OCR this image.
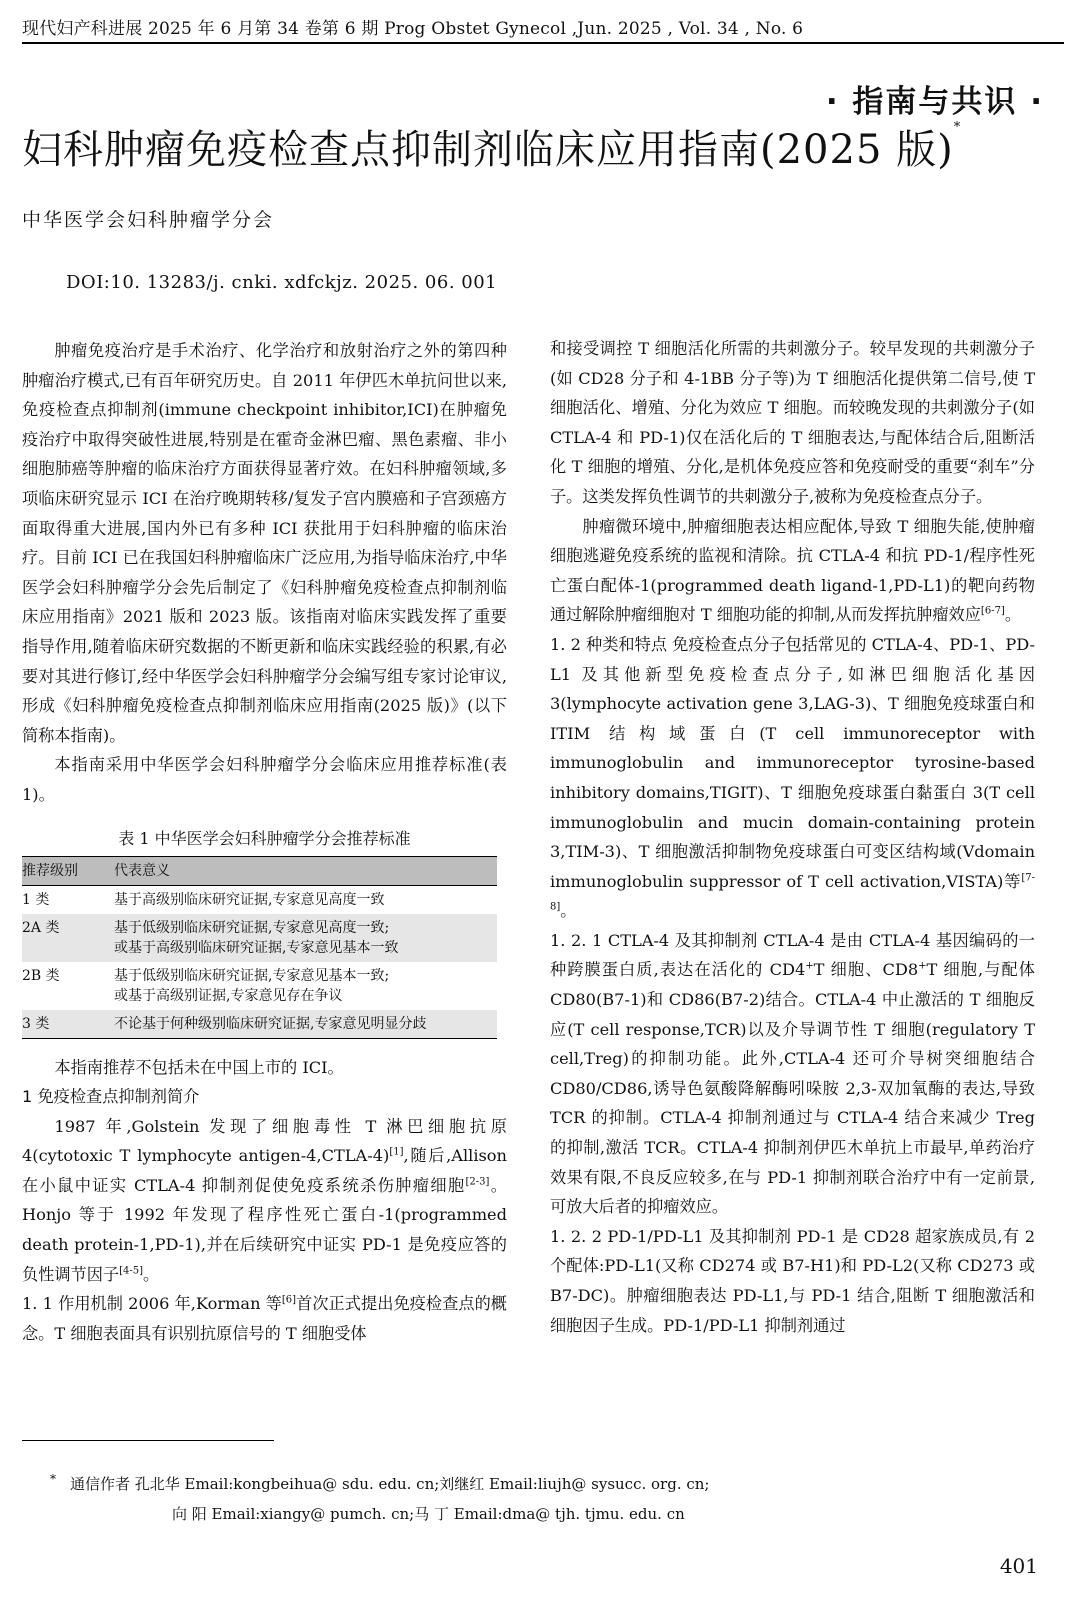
现代妇产科进展 2025 年 6 月第 34 卷第 6 期 Prog Obstet Gynecol ,Jun. 2025 , Vol. 34 , No. 6
· 指南与共识 ·
妇科肿瘤免疫检查点抑制剂临床应用指南(2025 版)*
中华医学会妇科肿瘤学分会
DOI:10. 13283/j. cnki. xdfckjz. 2025. 06. 001

肿瘤免疫治疗是手术治疗、化学治疗和放射治疗之外的第四种肿瘤治疗模式,已有百年研究历史。自 2011 年伊匹木单抗问世以来,免疫检查点抑制剂(immune checkpoint inhibitor,ICI)在肿瘤免疫治疗中取得突破性进展,特别是在霍奇金淋巴瘤、黑色素瘤、非小细胞肺癌等肿瘤的临床治疗方面获得显著疗效。在妇科肿瘤领域,多项临床研究显示 ICI 在治疗晚期转移/复发子宫内膜癌和子宫颈癌方面取得重大进展,国内外已有多种 ICI 获批用于妇科肿瘤的临床治疗。目前 ICI 已在我国妇科肿瘤临床广泛应用,为指导临床治疗,中华医学会妇科肿瘤学分会先后制定了《妇科肿瘤免疫检查点抑制剂临床应用指南》2021 版和 2023 版。该指南对临床实践发挥了重要指导作用,随着临床研究数据的不断更新和临床实践经验的积累,有必要对其进行修订,经中华医学会妇科肿瘤学分会编写组专家讨论审议,形成《妇科肿瘤免疫检查点抑制剂临床应用指南(2025 版)》(以下简称本指南)。

本指南采用中华医学会妇科肿瘤学分会临床应用推荐标准(表 1)。

表 1 中华医学会妇科肿瘤学分会推荐标准
推荐级别	代表意义
1 类	基于高级别临床研究证据,专家意见高度一致
2A 类	基于低级别临床研究证据,专家意见高度一致;
或基于高级别临床研究证据,专家意见基本一致
2B 类	基于低级别临床研究证据,专家意见基本一致;
或基于高级别证据,专家意见存在争议
3 类	不论基于何种级别临床研究证据,专家意见明显分歧

本指南推荐不包括未在中国上市的 ICI。

1 免疫检查点抑制剂简介

1987 年,Golstein 发现了细胞毒性 T 淋巴细胞抗原 4(cytotoxic T lymphocyte antigen-4,CTLA-4)[1],随后,Allison 在小鼠中证实 CTLA-4 抑制剂促使免疫系统杀伤肿瘤细胞[2-3]。Honjo 等于 1992 年发现了程序性死亡蛋白-1(programmed death protein-1,PD-1),并在后续研究中证实 PD-1 是免疫应答的负性调节因子[4-5]。

1. 1 作用机制 2006 年,Korman 等[6]首次正式提出免疫检查点的概念。T 细胞表面具有识别抗原信号的 T 细胞受体

和接受调控 T 细胞活化所需的共刺激分子。较早发现的共刺激分子(如 CD28 分子和 4-1BB 分子等)为 T 细胞活化提供第二信号,使 T 细胞活化、增殖、分化为效应 T 细胞。而较晚发现的共刺激分子(如 CTLA-4 和 PD-1)仅在活化后的 T 细胞表达,与配体结合后,阻断活化 T 细胞的增殖、分化,是机体免疫应答和免疫耐受的重要“刹车”分子。这类发挥负性调节的共刺激分子,被称为免疫检查点分子。

肿瘤微环境中,肿瘤细胞表达相应配体,导致 T 细胞失能,使肿瘤细胞逃避免疫系统的监视和清除。抗 CTLA-4 和抗 PD-1/程序性死亡蛋白配体-1(programmed death ligand-1,PD-L1)的靶向药物通过解除肿瘤细胞对 T 细胞功能的抑制,从而发挥抗肿瘤效应[6-7]。

1. 2 种类和特点 免疫检查点分子包括常见的 CTLA-4、PD-1、PD-L1 及其他新型免疫检查点分子,如淋巴细胞活化基因 3(lymphocyte activation gene 3,LAG-3)、T 细胞免疫球蛋白和 ITIM 结构域蛋白(T cell immunoreceptor with immunoglobulin and immunoreceptor tyrosine-based inhibitory domains,TIGIT)、T 细胞免疫球蛋白黏蛋白 3(T cell immunoglobulin and mucin domain-containing protein 3,TIM-3)、T 细胞激活抑制物免疫球蛋白可变区结构域(Vdomain immunoglobulin suppressor of T cell activation,VISTA)等[7-8]。

1. 2. 1 CTLA-4 及其抑制剂 CTLA-4 是由 CTLA-4 基因编码的一种跨膜蛋白质,表达在活化的 CD4+T 细胞、CD8+T 细胞,与配体 CD80(B7-1)和 CD86(B7-2)结合。CTLA-4 中止激活的 T 细胞反应(T cell response,TCR)以及介导调节性 T 细胞(regulatory T cell,Treg)的抑制功能。此外,CTLA-4 还可介导树突细胞结合 CD80/CD86,诱导色氨酸降解酶吲哚胺 2,3-双加氧酶的表达,导致 TCR 的抑制。CTLA-4 抑制剂通过与 CTLA-4 结合来减少 Treg 的抑制,激活 TCR。CTLA-4 抑制剂伊匹木单抗上市最早,单药治疗效果有限,不良反应较多,在与 PD-1 抑制剂联合治疗中有一定前景,可放大后者的抑瘤效应。

1. 2. 2 PD-1/PD-L1 及其抑制剂 PD-1 是 CD28 超家族成员,有 2 个配体:PD-L1(又称 CD274 或 B7-H1)和 PD-L2(又称 CD273 或 B7-DC)。肿瘤细胞表达 PD-L1,与 PD-1 结合,阻断 T 细胞激活和细胞因子生成。PD-1/PD-L1 抑制剂通过

* 通信作者 孔北华 Email:kongbeihua@ sdu. edu. cn;刘继红 Email:liujh@ sysucc. org. cn;
向 阳 Email:xiangy@ pumch. cn;马 丁 Email:dma@ tjh. tjmu. edu. cn
401
